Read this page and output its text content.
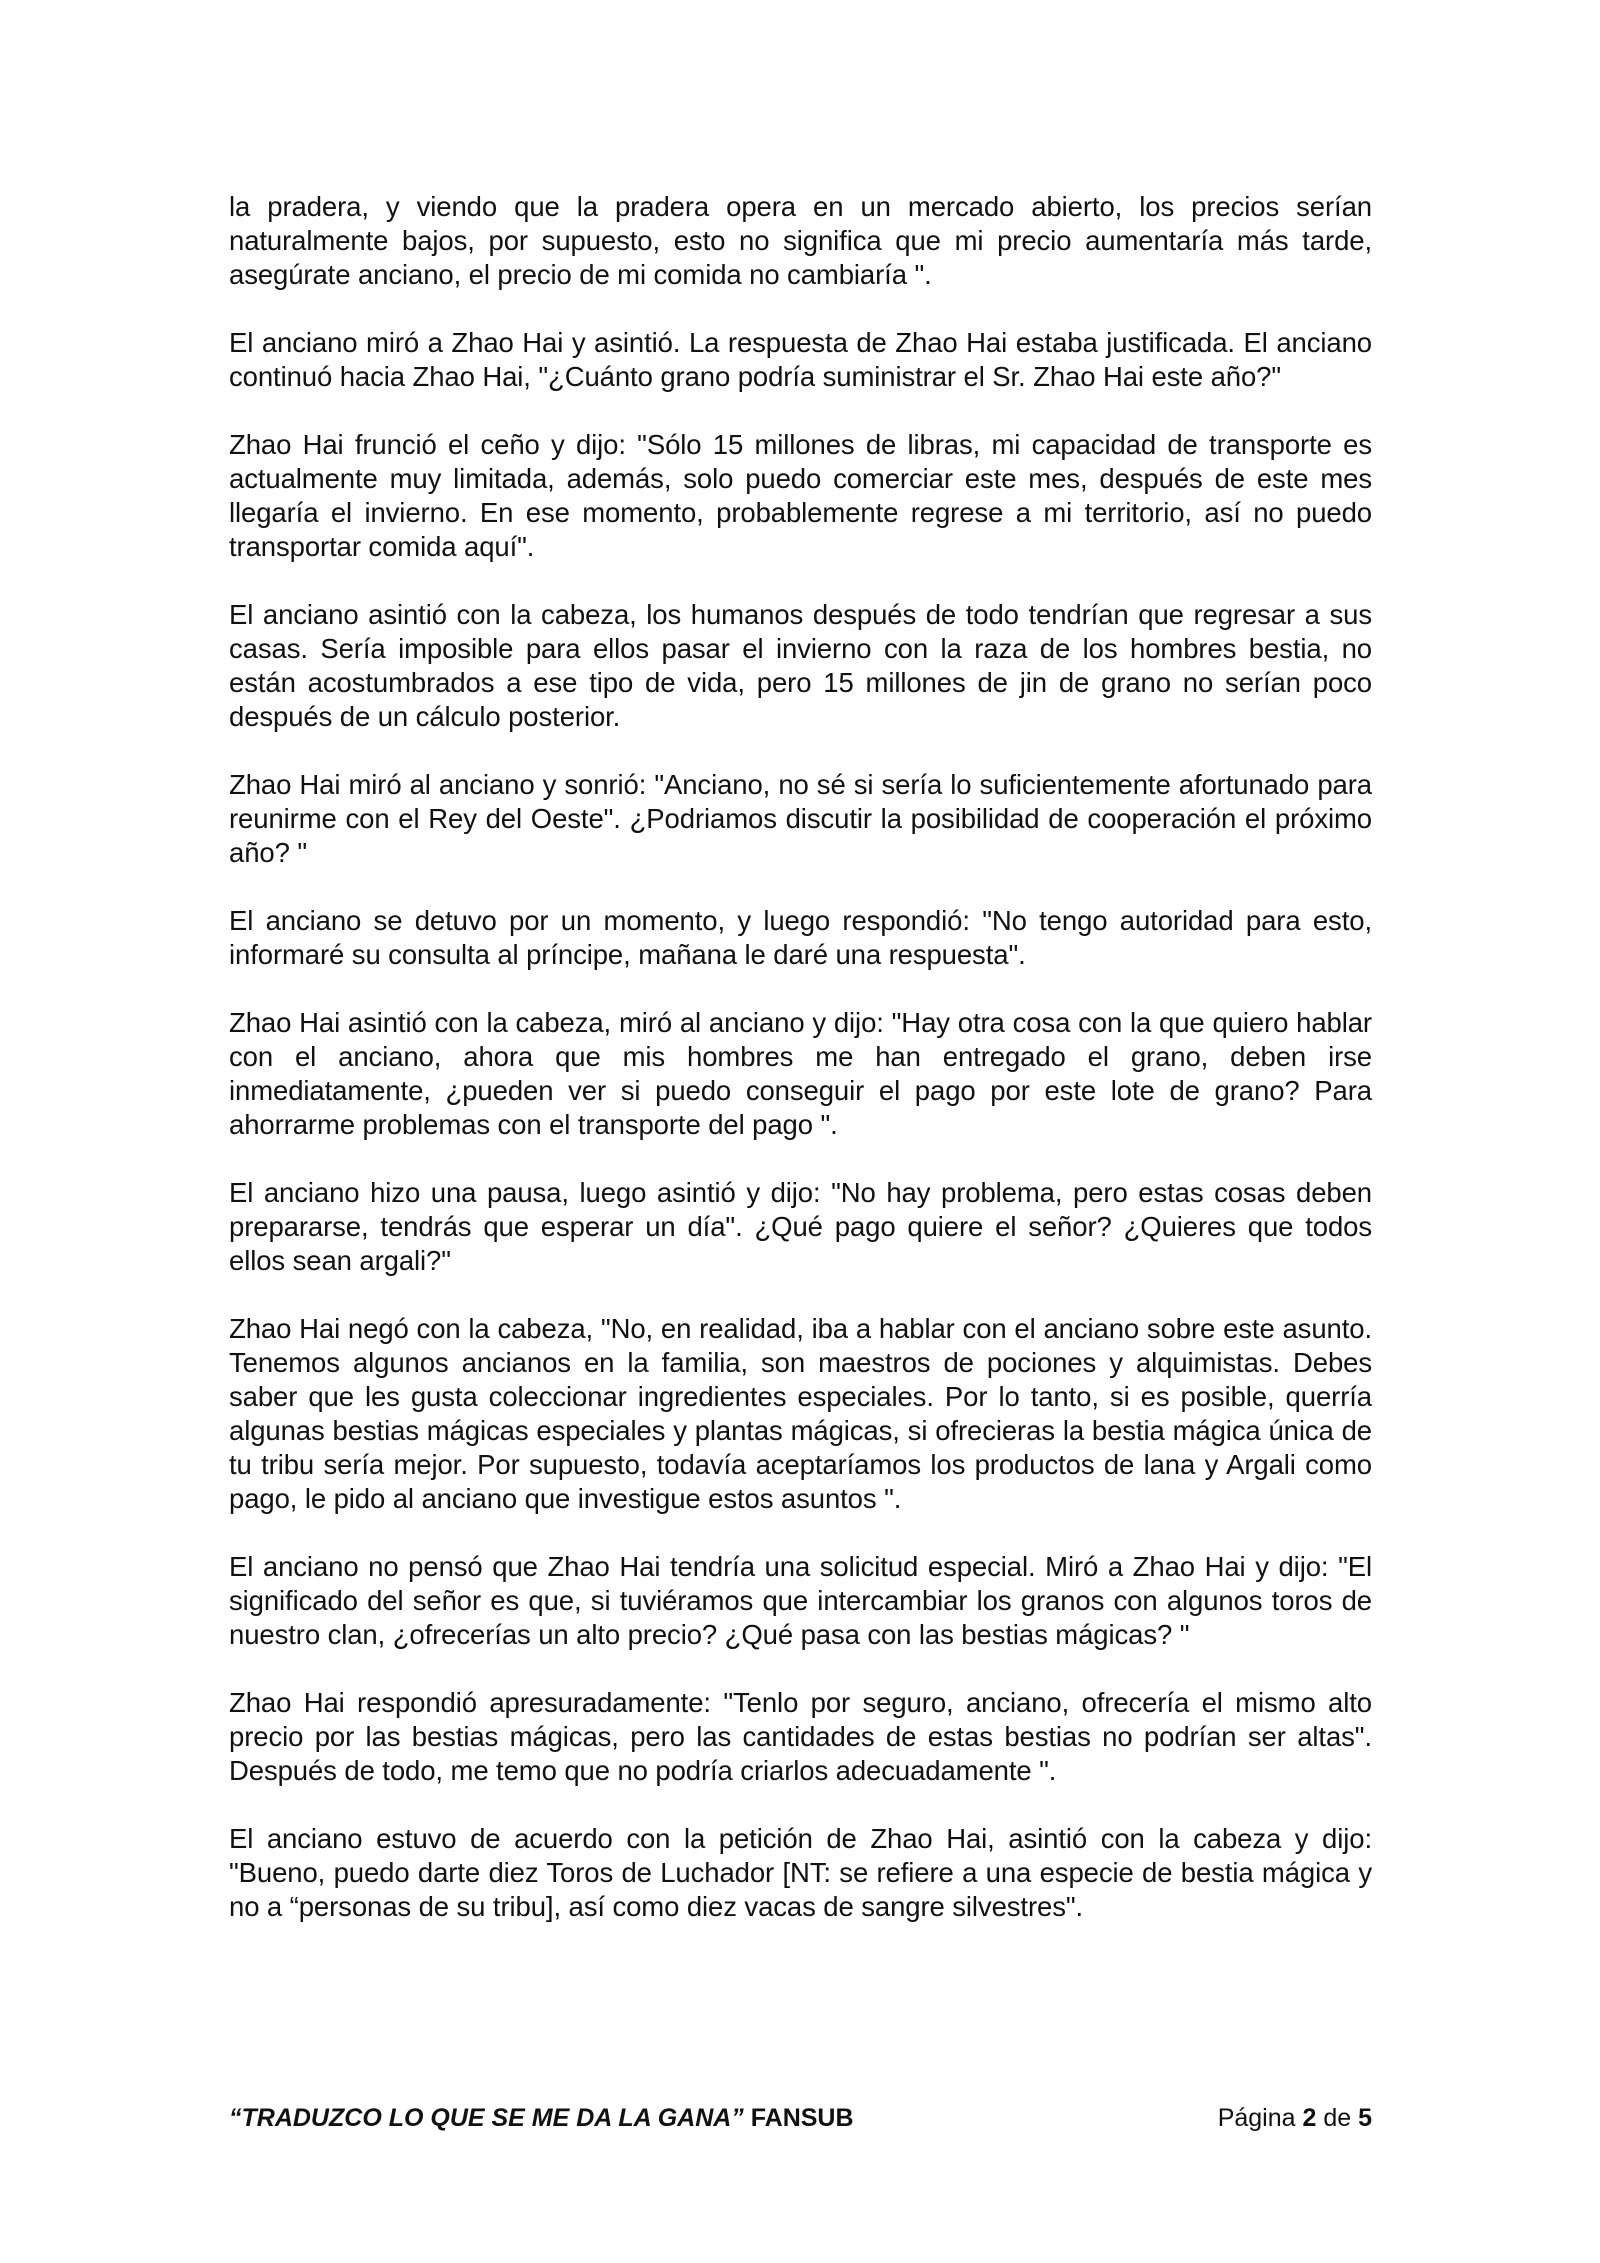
la pradera, y viendo que la pradera opera en un mercado abierto, los precios serían naturalmente bajos, por supuesto, esto no significa que mi precio aumentaría más tarde, asegúrate anciano, el precio de mi comida no cambiaría ".

El anciano miró a Zhao Hai y asintió. La respuesta de Zhao Hai estaba justificada. El anciano continuó hacia Zhao Hai, "¿Cuánto grano podría suministrar el Sr. Zhao Hai este año?"

Zhao Hai frunció el ceño y dijo: "Sólo 15 millones de libras, mi capacidad de transporte es actualmente muy limitada, además, solo puedo comerciar este mes, después de este mes llegaría el invierno. En ese momento, probablemente regrese a mi territorio, así no puedo transportar comida aquí".

El anciano asintió con la cabeza, los humanos después de todo tendrían que regresar a sus casas. Sería imposible para ellos pasar el invierno con la raza de los hombres bestia, no están acostumbrados a ese tipo de vida, pero 15 millones de jin de grano no serían poco después de un cálculo posterior.

Zhao Hai miró al anciano y sonrió: "Anciano, no sé si sería lo suficientemente afortunado para reunirme con el Rey del Oeste". ¿Podriamos discutir la posibilidad de cooperación el próximo año? "

El anciano se detuvo por un momento, y luego respondió: "No tengo autoridad para esto, informaré su consulta al príncipe, mañana le daré una respuesta".

Zhao Hai asintió con la cabeza, miró al anciano y dijo: "Hay otra cosa con la que quiero hablar con el anciano, ahora que mis hombres me han entregado el grano, deben irse inmediatamente, ¿pueden ver si puedo conseguir el pago por este lote de grano? Para ahorrarme problemas con el transporte del pago ".

El anciano hizo una pausa, luego asintió y dijo: "No hay problema, pero estas cosas deben prepararse, tendrás que esperar un día". ¿Qué pago quiere el señor? ¿Quieres que todos ellos sean argali?"

Zhao Hai negó con la cabeza, "No, en realidad, iba a hablar con el anciano sobre este asunto. Tenemos algunos ancianos en la familia, son maestros de pociones y alquimistas. Debes saber que les gusta coleccionar ingredientes especiales. Por lo tanto, si es posible, querría algunas bestias mágicas especiales y plantas mágicas, si ofrecieras la bestia mágica única de tu tribu sería mejor. Por supuesto, todavía aceptaríamos los productos de lana y Argali como pago, le pido al anciano que investigue estos asuntos ".

El anciano no pensó que Zhao Hai tendría una solicitud especial. Miró a Zhao Hai y dijo: "El significado del señor es que, si tuviéramos que intercambiar los granos con algunos toros de nuestro clan, ¿ofrecerías un alto precio? ¿Qué pasa con las bestias mágicas? "

Zhao Hai respondió apresuradamente: "Tenlo por seguro, anciano, ofrecería el mismo alto precio por las bestias mágicas, pero las cantidades de estas bestias no podrían ser altas". Después de todo, me temo que no podría criarlos adecuadamente ".

El anciano estuvo de acuerdo con la petición de Zhao Hai, asintió con la cabeza y dijo: "Bueno, puedo darte diez Toros de Luchador [NT: se refiere a una especie de bestia mágica y no a “personas de su tribu], así como diez vacas de sangre silvestres".

“TRADUZCO LO QUE SE ME DA LA GANA” FANSUB	Página 2 de 5
